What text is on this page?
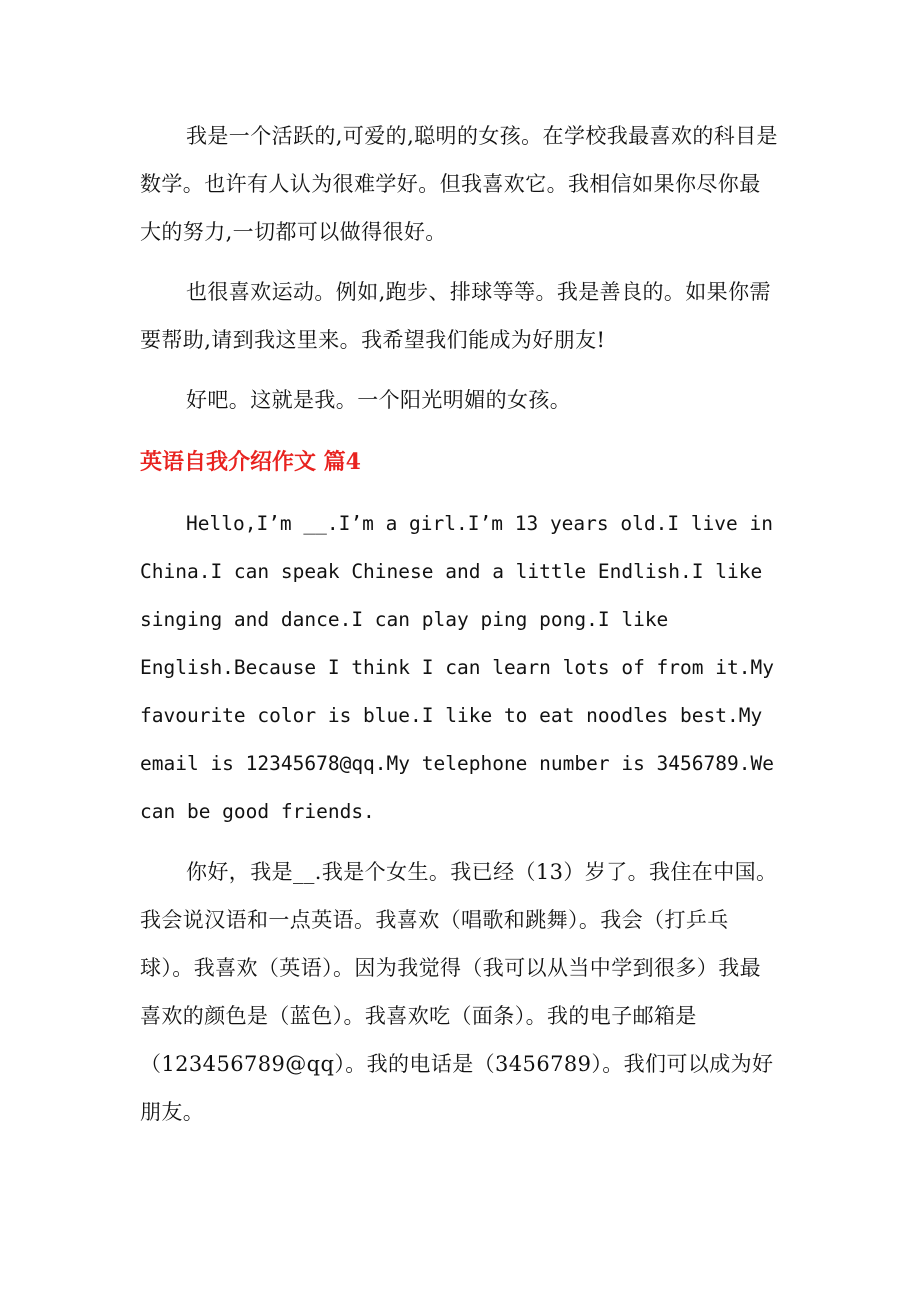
我是一个活跃的,可爱的,聪明的女孩。在学校我最喜欢的科目是数学。也许有人认为很难学好。但我喜欢它。我相信如果你尽你最大的努力,一切都可以做得很好。

也很喜欢运动。例如,跑步、排球等等。我是善良的。如果你需要帮助,请到我这里来。我希望我们能成为好朋友!

好吧。这就是我。一个阳光明媚的女孩。

英语自我介绍作文 篇4

Hello,I’m __.I’m a girl.I’m 13 years old.I live in China.I can speak Chinese and a little Endlish.I like singing and dance.I can play ping pong.I like English.Because I think I can learn lots of from it.My favourite color is blue.I like to eat noodles best.My email is 12345678@qq.My telephone number is 3456789.We can be good friends.

你好，我是__.我是个女生。我已经（13）岁了。我住在中国。我会说汉语和一点英语。我喜欢（唱歌和跳舞）。我会（打乒乓球）。我喜欢（英语）。因为我觉得（我可以从当中学到很多）我最喜欢的颜色是（蓝色）。我喜欢吃（面条）。我的电子邮箱是（123456789@qq）。我的电话是（3456789）。我们可以成为好朋友。
